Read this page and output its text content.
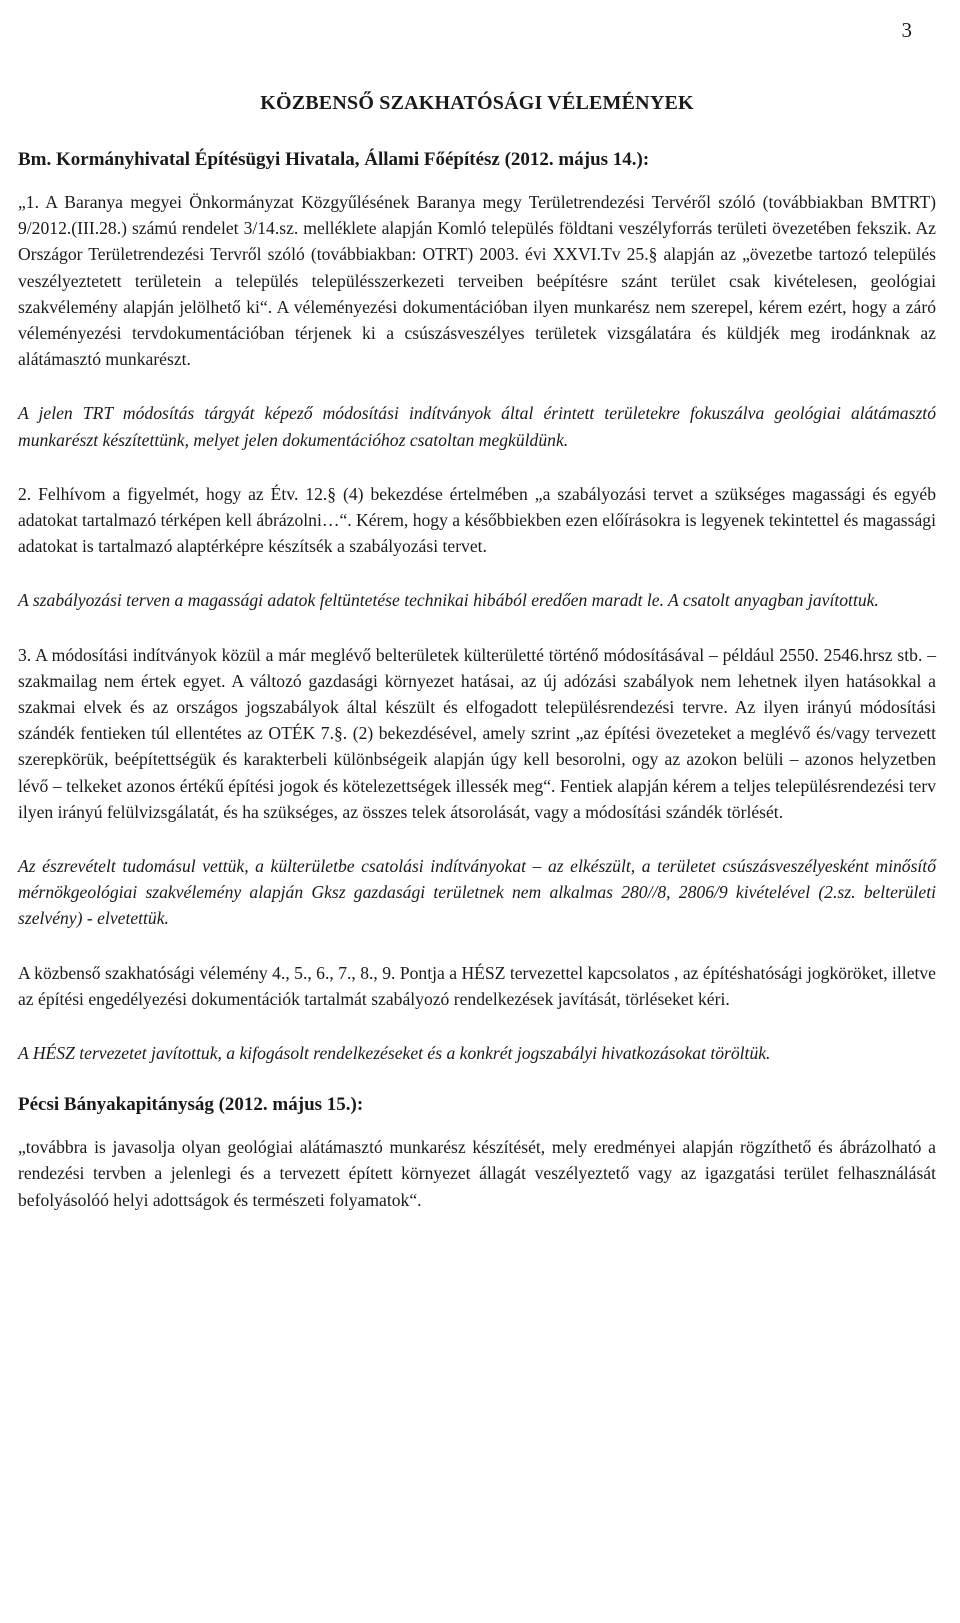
3
KÖZBENSŐ SZAKHATÓSÁGI VÉLEMÉNYEK
Bm. Kormányhivatal Építésügyi Hivatala, Állami Főépítész (2012. május 14.):

„1. A Baranya megyei Önkormányzat Közgyűlésének Baranya megy Területrendezési Tervéről szóló (továbbiakban BMTRT) 9/2012.(III.28.) számú rendelet 3/14.sz. melléklete alapján Komló település földtani veszélyforrás területi övezetében fekszik. Az Országor Területrendezési Tervről szóló (továbbiakban: OTRT) 2003. évi XXVI.Tv 25.§ alapján az „övezetbe tartozó település veszélyeztetett területein a település településszerkezeti terveiben beépítésre szánt terület csak kivételesen, geológiai szakvélemény alapján jelölhető ki“. A véleményezési dokumentációban ilyen munkarész nem szerepel, kérem ezért, hogy a záró véleményezési tervdokumentációban térjenek ki a csúszásveszélyes területek vizsgálatára és küldjék meg irodánknak az alátámasztó munkarészt.

A jelen TRT módosítás tárgyát képező módosítási indítványok által érintett területekre fokuszálva geológiai alátámasztó munkarészt készítettünk, melyet jelen dokumentációhoz csatoltan megküldünk.

2. Felhívom a figyelmét, hogy az Étv. 12.§ (4) bekezdése értelmében „a szabályozási tervet a szükséges magassági és egyéb adatokat tartalmazó térképen kell ábrázolni…“. Kérem, hogy a későbbiekben ezen előírásokra is legyenek tekintettel és magassági adatokat is tartalmazó alaptérképre készítsék a szabályozási tervet.

A szabályozási terven a magassági adatok feltüntetése technikai hibából eredően maradt le. A csatolt anyagban javítottuk.

3. A módosítási indítványok közül a már meglévő belterületek külterületté történő módosításával – például 2550. 2546.hrsz stb. – szakmailag nem értek egyet. A változó gazdasági környezet hatásai, az új adózási szabályok nem lehetnek ilyen hatásokkal a szakmai elvek és az országos jogszabályok által készült és elfogadott településrendezési tervre. Az ilyen irányú módosítási szándék fentieken túl ellentétes az OTÉK 7.§. (2) bekezdésével, amely szrint „az építési övezeteket a meglévő és/vagy tervezett szerepkörük, beépítettségük és karakterbeli különbségeik alapján úgy kell besorolni, ogy az azokon belüli – azonos helyzetben lévő – telkeket azonos értékű építési jogok és kötelezettségek illessék meg“. Fentiek alapján kérem a teljes településrendezési terv ilyen irányú felülvizsgálatát, és ha szükséges, az összes telek átsorolását, vagy a módosítási szándék törlését.

Az észrevételt tudomásul vettük, a külterületbe csatolási indítványokat – az elkészült, a területet csúszásveszélyesként minősítő mérnökgeológiai szakvélemény alapján Gksz gazdasági területnek nem alkalmas 280//8, 2806/9 kivételével (2.sz. belterületi szelvény) - elvetettük.

A közbenső szakhatósági vélemény 4., 5., 6., 7., 8., 9. Pontja a HÉSZ tervezettel kapcsolatos , az építéshatósági jogköröket, illetve az építési engedélyezési dokumentációk tartalmát szabályozó rendelkezések javítását, törléseket kéri.

A HÉSZ tervezetet javítottuk, a kifogásolt rendelkezéseket és a konkrét jogszabályi hivatkozásokat töröltük.

Pécsi Bányakapitányság (2012. május 15.):

„továbbra is javasolja olyan geológiai alátámasztó munkarész készítését, mely eredményei alapján rögzíthető és ábrázolható a rendezési tervben a jelenlegi és a tervezett épített környezet állagát veszélyeztető vagy az igazgatási terület felhasználását befolyásolóó helyi adottságok és természeti folyamatok“.
